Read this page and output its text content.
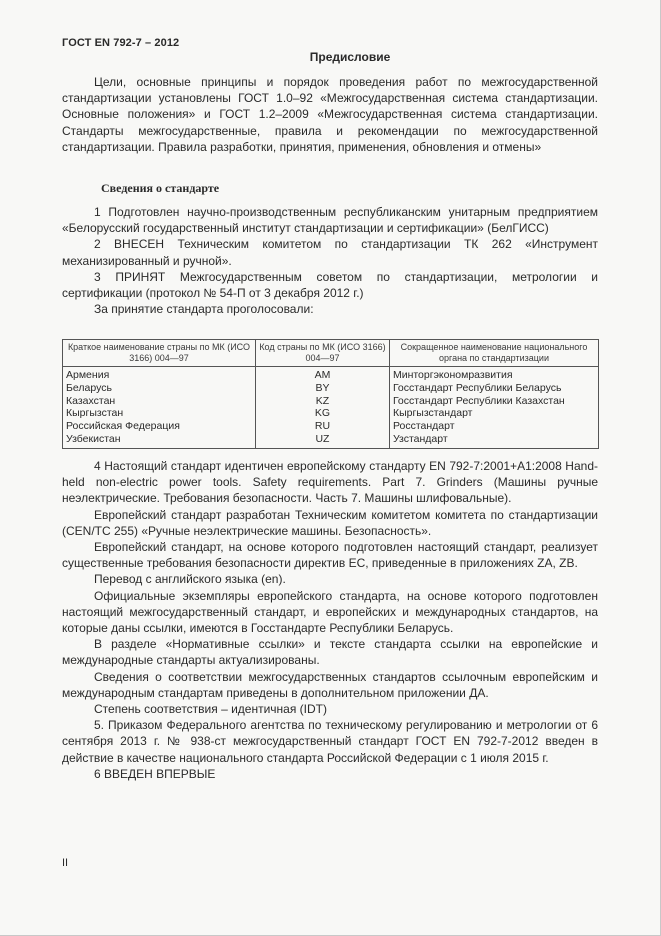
ГОСТ EN 792-7 – 2012
Предисловие

Цели, основные принципы и порядок проведения работ по межгосударственной стандартизации установлены ГОСТ 1.0–92 «Межгосударственная система стандартизации. Основные положения» и ГОСТ 1.2–2009 «Межгосударственная система стандартизации. Стандарты межгосударственные, правила и рекомендации по межгосударственной стандартизации. Правила разработки, принятия, применения, обновления и отмены»

Сведения о стандарте

1 Подготовлен научно-производственным республиканским унитарным предприятием «Белорусский государственный институт стандартизации и сертификации» (БелГИСС)

2 ВНЕСЕН Техническим комитетом по стандартизации ТК 262 «Инструмент механизированный и ручной».

3 ПРИНЯТ Межгосударственным советом по стандартизации, метрологии и сертификации (протокол № 54-П от 3 декабря 2012 г.)

За принятие стандарта проголосовали:

Краткое наименование страны по МК (ИСО 3166) 004—97	Код страны по МК (ИСО 3166) 004—97	Сокращенное наименование национального органа по стандартизации
Армения	AM	Минторгэкономразвития
Беларусь	BY	Госстандарт Республики Беларусь
Казахстан	KZ	Госстандарт Республики Казахстан
Кыргызстан	KG	Кыргызстандарт
Российская Федерация	RU	Росстандарт
Узбекистан	UZ	Узстандарт

4 Настоящий стандарт идентичен европейскому стандарту EN 792-7:2001+A1:2008 Hand-held non-electric power tools. Safety requirements. Part 7. Grinders (Машины ручные неэлектрические. Требования безопасности. Часть 7. Машины шлифовальные).

Европейский стандарт разработан Техническим комитетом комитета по стандартизации (CEN/TC 255) «Ручные неэлектрические машины. Безопасность».

Европейский стандарт, на основе которого подготовлен настоящий стандарт, реализует существенные требования безопасности директив ЕС, приведенные в приложениях ZA, ZB.

Перевод с английского языка (en).

Официальные экземпляры европейского стандарта, на основе которого подготовлен настоящий межгосударственный стандарт, и европейских и международных стандартов, на которые даны ссылки, имеются в Госстандарте Республики Беларусь.

В разделе «Нормативные ссылки» и тексте стандарта ссылки на европейские и международные стандарты актуализированы.

Сведения о соответствии межгосударственных стандартов ссылочным европейским и международным стандартам приведены в дополнительном приложении ДА.

Степень соответствия – идентичная (IDT)

5. Приказом Федерального агентства по техническому регулированию и метрологии от 6 сентября 2013 г. № 938-ст межгосударственный стандарт ГОСТ EN 792-7-2012 введен в действие в качестве национального стандарта Российской Федерации с 1 июля 2015 г.

6 ВВЕДЕН ВПЕРВЫЕ

II
